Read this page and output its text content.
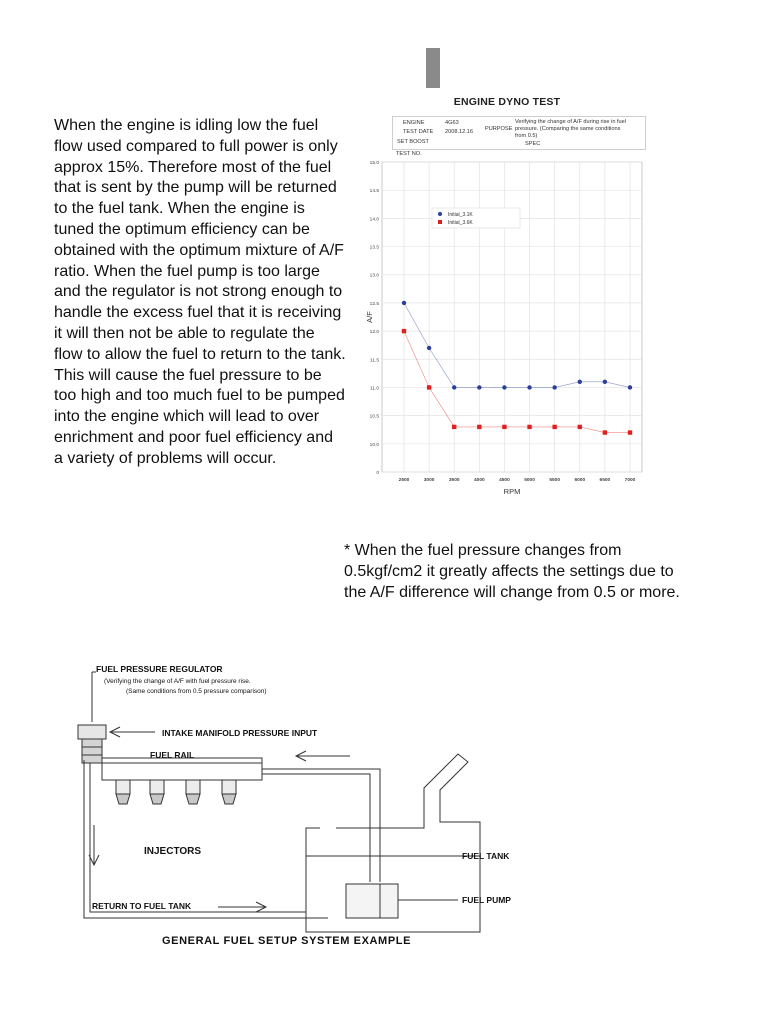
When the engine is idling low the fuel flow used compared to full power is only approx 15%. Therefore most of the fuel that is sent by the pump will be returned to the fuel tank. When the engine is tuned the optimum efficiency can be obtained with the optimum mixture of A/F ratio. When the fuel pump is too large and the regulator is not strong enough to handle the excess fuel that it is receiving it will then not be able to regulate the flow to allow the fuel to return to the tank. This will cause the fuel pressure to be too high and too much fuel to be pumped into the engine which will lead to over enrichment and poor fuel efficiency and a variety of problems will occur.
0
10.0
10.5
11.0
11.5
12.0
12.5
13.0
13.5
14.0
14.5
15.0
2500	3000	3500	4000	4500	5000	5500	6000	6500	7000
RPM
A/F
Initial_3.1K
Initial_3.6K
ENGINE DYNO TEST
ENGINE	4G63
TEST DATE 2008.12.16 PURPOSE
Verifying the change of A/F during rise in fuel pressure. (Comparing the same conditions from 0.5)
SET BOOST	SPEC
TEST NO.
* When the fuel pressure changes from 0.5kgf/cm2 it greatly affects the settings due to the A/F difference will change from 0.5 or more.
FUEL PRESSURE REGULATOR
(Verifying the change of A/F with fuel pressure rise.
(Same conditions from 0.5 pressure comparison)
INTAKE MANIFOLD PRESSURE INPUT
FUEL RAIL
INJECTORS
RETURN TO FUEL TANK
FUEL TANK
FUEL PUMP
GENERAL FUEL SETUP SYSTEM EXAMPLE
